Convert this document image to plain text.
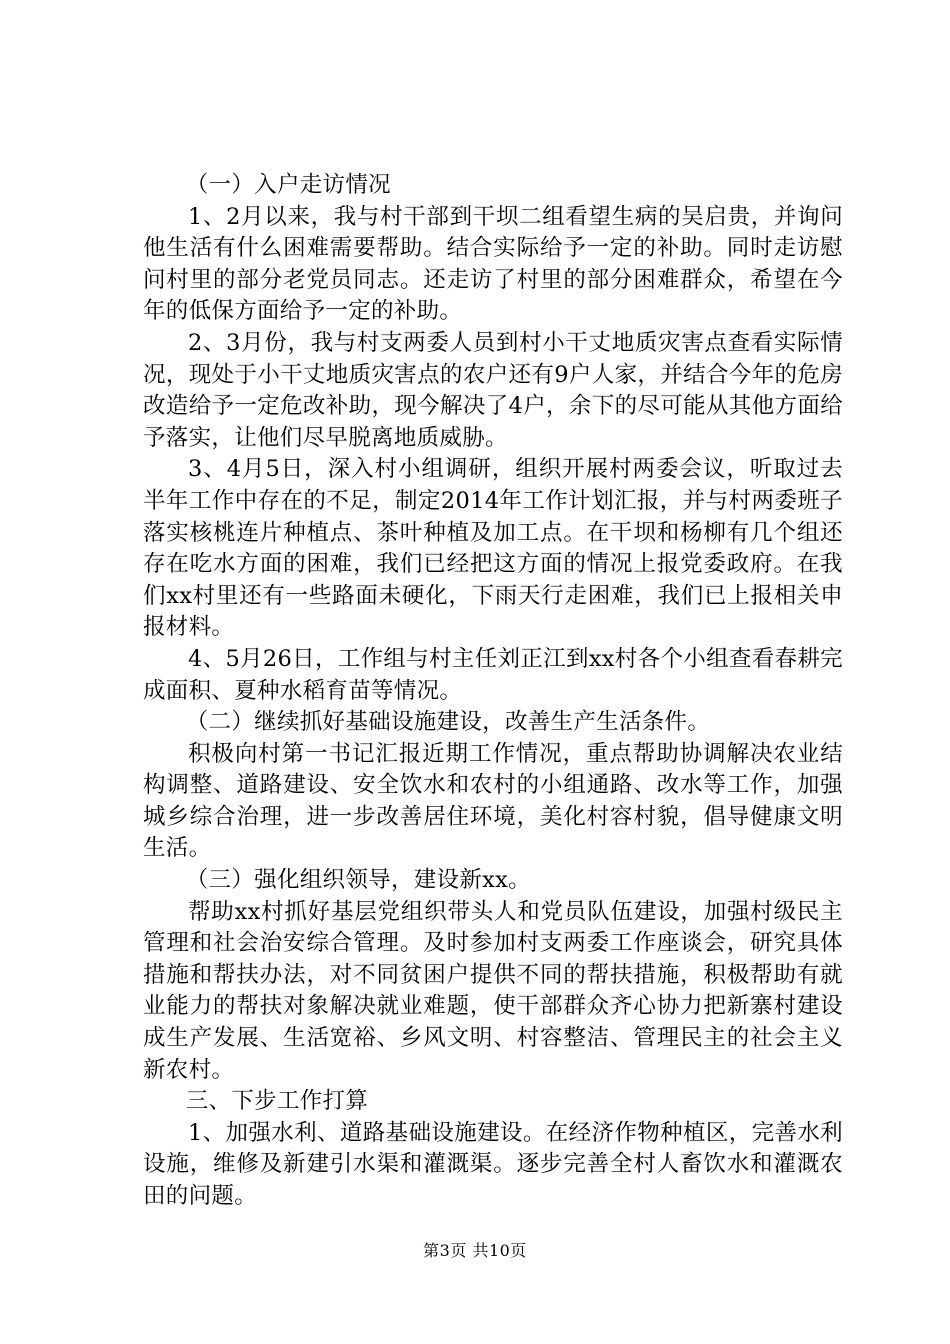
（一）入户走访情况

1、2月以来，我与村干部到干坝二组看望生病的吴启贵，并询问他生活有什么困难需要帮助。结合实际给予一定的补助。同时走访慰问村里的部分老党员同志。还走访了村里的部分困难群众，希望在今年的低保方面给予一定的补助。

2、3月份，我与村支两委人员到村小干丈地质灾害点查看实际情况，现处于小干丈地质灾害点的农户还有9户人家，并结合今年的危房改造给予一定危改补助，现今解决了4户，余下的尽可能从其他方面给予落实，让他们尽早脱离地质威胁。

3、4月5日，深入村小组调研，组织开展村两委会议，听取过去半年工作中存在的不足，制定2014年工作计划汇报，并与村两委班子落实核桃连片种植点、茶叶种植及加工点。在干坝和杨柳有几个组还存在吃水方面的困难，我们已经把这方面的情况上报党委政府。在我们xx村里还有一些路面未硬化，下雨天行走困难，我们已上报相关申报材料。

4、5月26日，工作组与村主任刘正江到xx村各个小组查看春耕完成面积、夏种水稻育苗等情况。

（二）继续抓好基础设施建设，改善生产生活条件。

积极向村第一书记汇报近期工作情况，重点帮助协调解决农业结构调整、道路建设、安全饮水和农村的小组通路、改水等工作，加强城乡综合治理，进一步改善居住环境，美化村容村貌，倡导健康文明生活。

（三）强化组织领导，建设新xx。

帮助xx村抓好基层党组织带头人和党员队伍建设，加强村级民主管理和社会治安综合管理。及时参加村支两委工作座谈会，研究具体措施和帮扶办法，对不同贫困户提供不同的帮扶措施，积极帮助有就业能力的帮扶对象解决就业难题，使干部群众齐心协力把新寨村建设成生产发展、生活宽裕、乡风文明、村容整洁、管理民主的社会主义新农村。

三、下步工作打算

1、加强水利、道路基础设施建设。在经济作物种植区，完善水利设施，维修及新建引水渠和灌溉渠。逐步完善全村人畜饮水和灌溉农田的问题。

第3页 共10页
